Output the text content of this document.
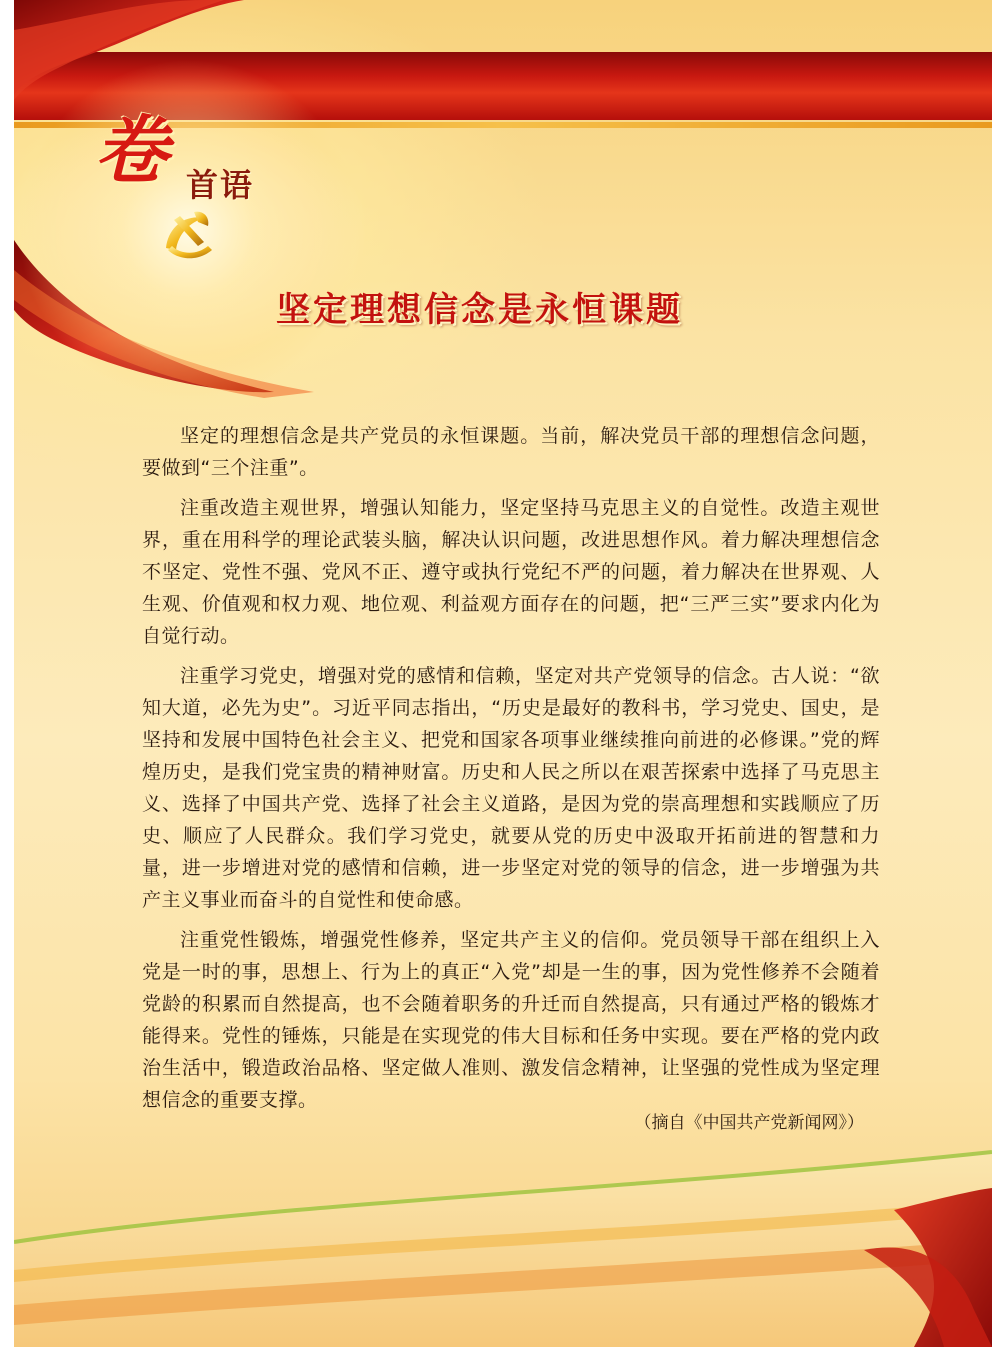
卷 首语
坚定理想信念是永恒课题

坚定的理想信念是共产党员的永恒课题。当前，解决党员干部的理想信念问题，要做到“三个注重”。

注重改造主观世界，增强认知能力，坚定坚持马克思主义的自觉性。改造主观世界，重在用科学的理论武装头脑，解决认识问题，改进思想作风。着力解决理想信念不坚定、党性不强、党风不正、遵守或执行党纪不严的问题，着力解决在世界观、人生观、价值观和权力观、地位观、利益观方面存在的问题，把“三严三实”要求内化为自觉行动。

注重学习党史，增强对党的感情和信赖，坚定对共产党领导的信念。古人说：“欲知大道，必先为史”。习近平同志指出，“历史是最好的教科书，学习党史、国史，是坚持和发展中国特色社会主义、把党和国家各项事业继续推向前进的必修课。”党的辉煌历史，是我们党宝贵的精神财富。历史和人民之所以在艰苦探索中选择了马克思主义、选择了中国共产党、选择了社会主义道路，是因为党的崇高理想和实践顺应了历史、顺应了人民群众。我们学习党史，就要从党的历史中汲取开拓前进的智慧和力量，进一步增进对党的感情和信赖，进一步坚定对党的领导的信念，进一步增强为共产主义事业而奋斗的自觉性和使命感。

注重党性锻炼，增强党性修养，坚定共产主义的信仰。党员领导干部在组织上入党是一时的事，思想上、行为上的真正“入党”却是一生的事，因为党性修养不会随着党龄的积累而自然提高，也不会随着职务的升迁而自然提高，只有通过严格的锻炼才能得来。党性的锤炼，只能是在实现党的伟大目标和任务中实现。要在严格的党内政治生活中，锻造政治品格、坚定做人准则、激发信念精神，让坚强的党性成为坚定理想信念的重要支撑。

（摘自《中国共产党新闻网》）
